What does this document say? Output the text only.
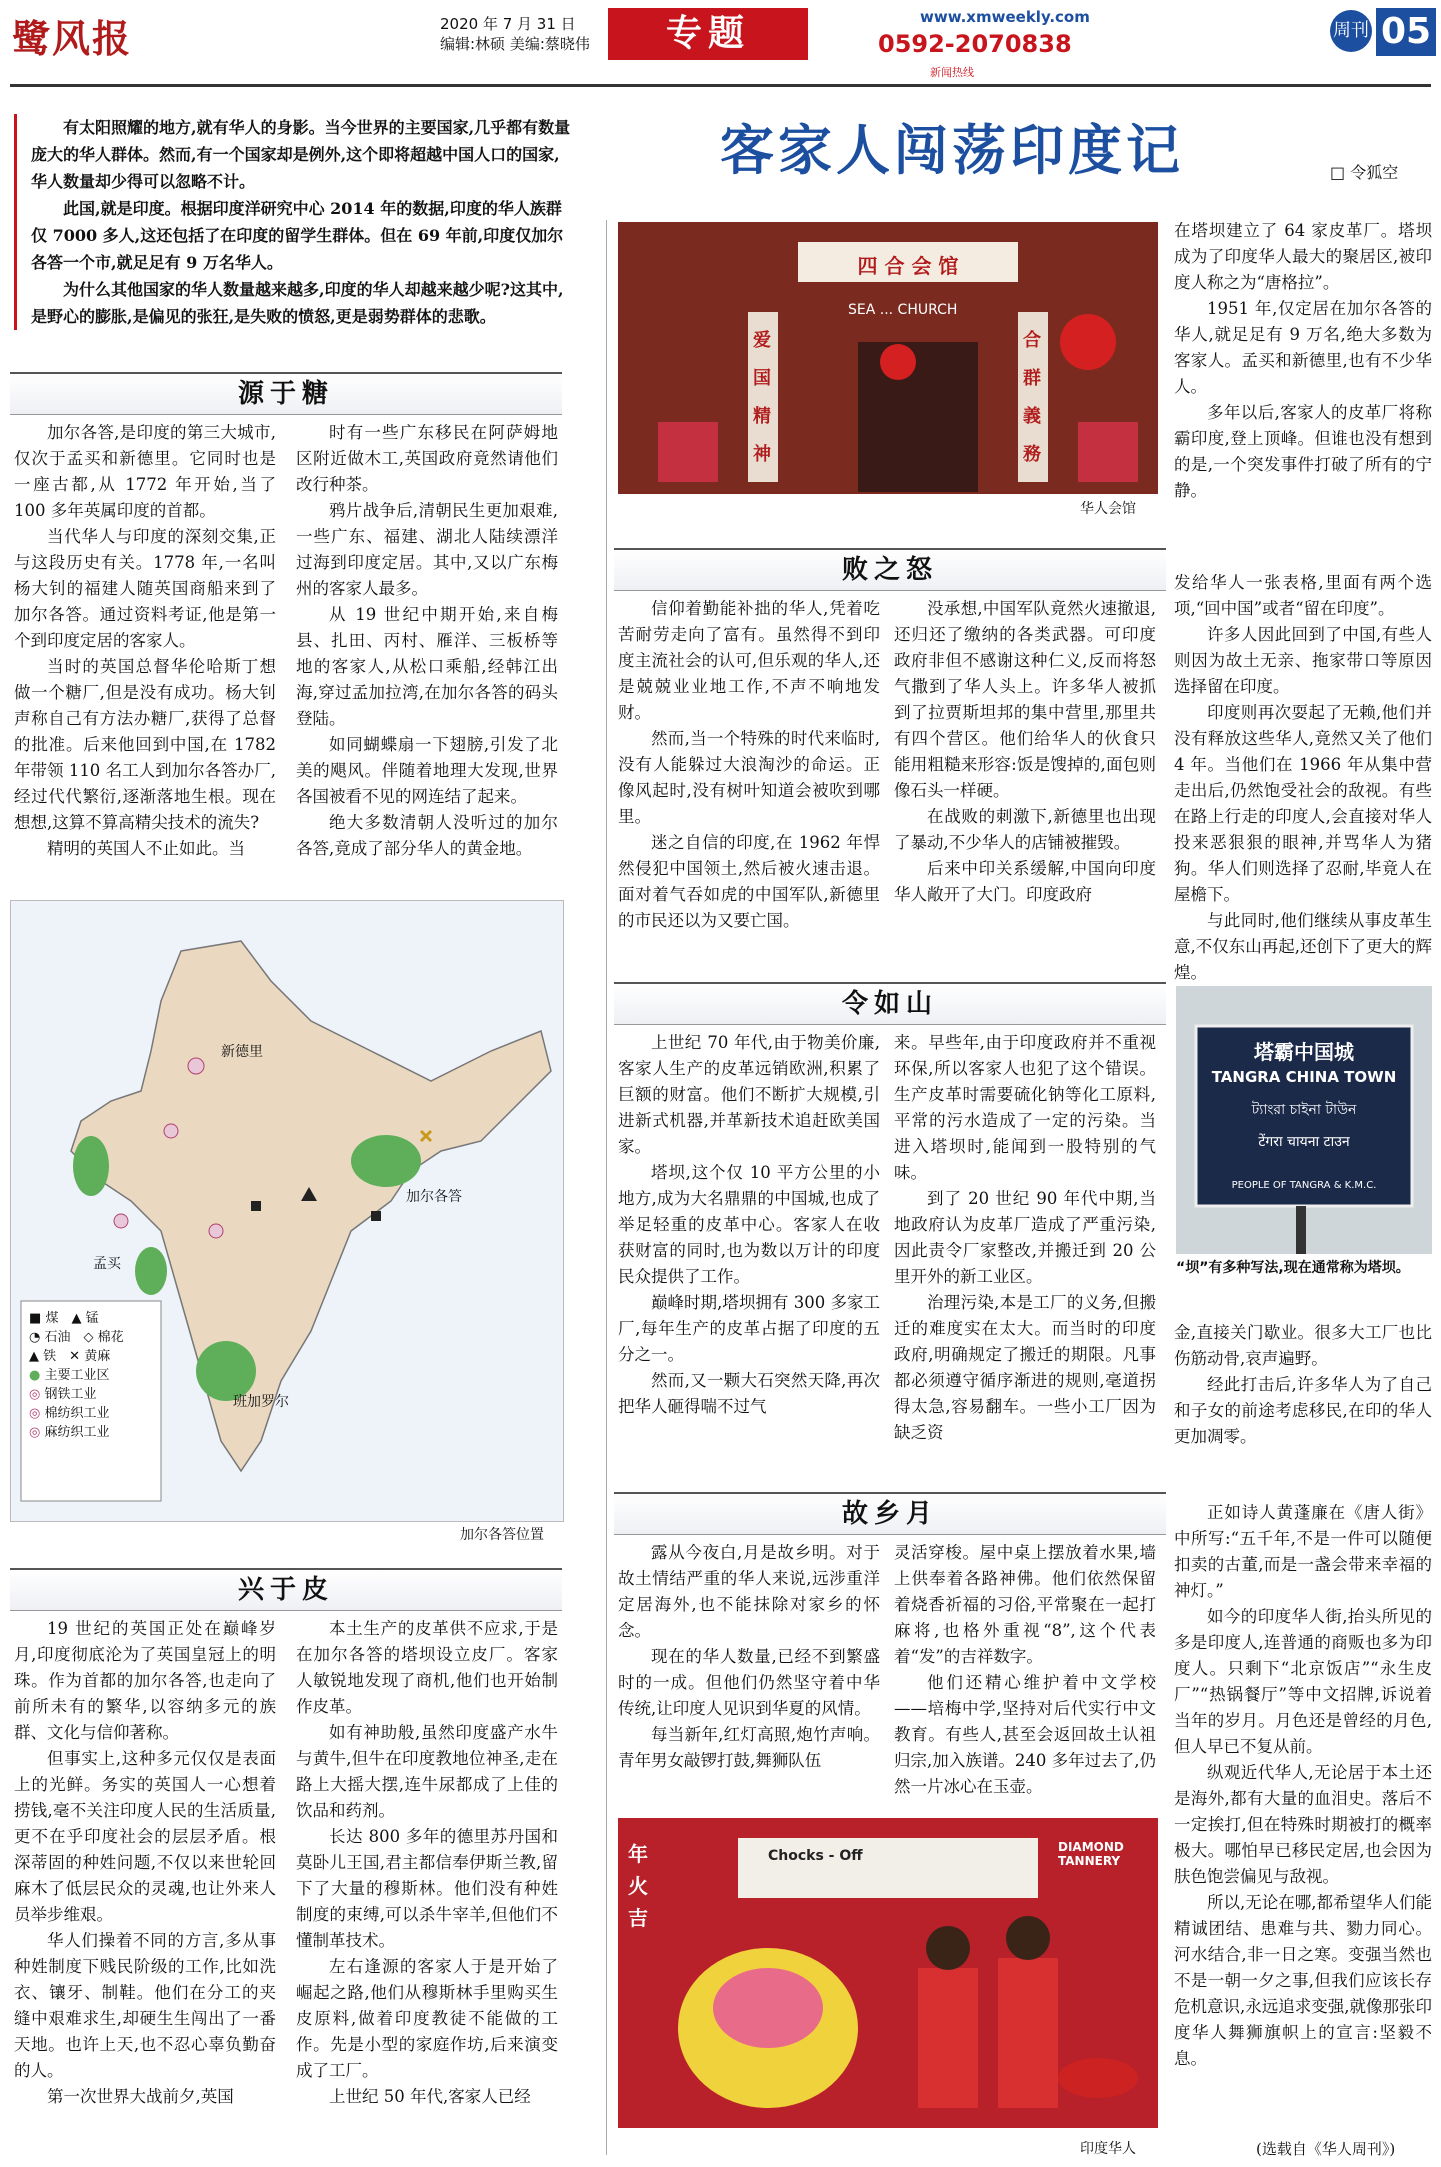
鹭风报	2020 年 7 月 31 日
编辑:林硕 美编:蔡晓伟	专题	www.xmweekly.com
0592-2070838
新闻热线
周刊 05

有太阳照耀的地方,就有华人的身影。当今世界的主要国家,几乎都有数量庞大的华人群体。然而,有一个国家却是例外,这个即将超越中国人口的国家,华人数量却少得可以忽略不计。

此国,就是印度。根据印度洋研究中心 2014 年的数据,印度的华人族群仅 7000 多人,这还包括了在印度的留学生群体。但在 69 年前,印度仅加尔各答一个市,就足足有 9 万名华人。

为什么其他国家的华人数量越来越多,印度的华人却越来越少呢?这其中,是野心的膨胀,是偏见的张狂,是失败的愤怒,更是弱势群体的悲歌。

客家人闯荡印度记	□ 令狐空
源于糖

加尔各答,是印度的第三大城市,仅次于孟买和新德里。它同时也是一座古都,从 1772 年开始,当了 100 多年英属印度的首都。

当代华人与印度的深刻交集,正与这段历史有关。1778 年,一名叫杨大钊的福建人随英国商船来到了加尔各答。通过资料考证,他是第一个到印度定居的客家人。

当时的英国总督华伦哈斯丁想做一个糖厂,但是没有成功。杨大钊声称自己有方法办糖厂,获得了总督的批准。后来他回到中国,在 1782 年带领 110 名工人到加尔各答办厂,经过代代繁衍,逐渐落地生根。现在想想,这算不算高精尖技术的流失?

精明的英国人不止如此。当

时有一些广东移民在阿萨姆地区附近做木工,英国政府竟然请他们改行种茶。

鸦片战争后,清朝民生更加艰难,一些广东、福建、湖北人陆续漂洋过海到印度定居。其中,又以广东梅州的客家人最多。

从 19 世纪中期开始,来自梅县、扎田、丙村、雁洋、三板桥等地的客家人,从松口乘船,经韩江出海,穿过孟加拉湾,在加尔各答的码头登陆。

如同蝴蝶扇一下翅膀,引发了北美的飓风。伴随着地理大发现,世界各国被看不见的网连结了起来。

绝大多数清朝人没听过的加尔各答,竟成了部分华人的黄金地。

新德里
加尔各答
孟买
班加罗尔
■ 煤　 ▲ 锰
◔ 石油　 ◇ 棉花
▲ 铁　 ✕ 黄麻
● 主要工业区
◎ 钢铁工业
◎ 棉纺织工业
◎ 麻纺织工业
加尔各答位置
兴于皮

19 世纪的英国正处在巅峰岁月,印度彻底沦为了英国皇冠上的明珠。作为首都的加尔各答,也走向了前所未有的繁华,以容纳多元的族群、文化与信仰著称。

但事实上,这种多元仅仅是表面上的光鲜。务实的英国人一心想着捞钱,毫不关注印度人民的生活质量,更不在乎印度社会的层层矛盾。根深蒂固的种姓问题,不仅以来世轮回麻木了低层民众的灵魂,也让外来人员举步维艰。

华人们操着不同的方言,多从事种姓制度下贱民阶级的工作,比如洗衣、镶牙、制鞋。他们在分工的夹缝中艰难求生,却硬生生闯出了一番天地。也许上天,也不忍心辜负勤奋的人。

第一次世界大战前夕,英国

本土生产的皮革供不应求,于是在加尔各答的塔坝设立皮厂。客家人敏锐地发现了商机,他们也开始制作皮革。

如有神助般,虽然印度盛产水牛与黄牛,但牛在印度教地位神圣,走在路上大摇大摆,连牛尿都成了上佳的饮品和药剂。

长达 800 多年的德里苏丹国和莫卧儿王国,君主都信奉伊斯兰教,留下了大量的穆斯林。他们没有种姓制度的束缚,可以杀牛宰羊,但他们不懂制革技术。

左右逢源的客家人于是开始了崛起之路,他们从穆斯林手里购买生皮原料,做着印度教徒不能做的工作。先是小型的家庭作坊,后来演变成了工厂。

上世纪 50 年代,客家人已经

四 合 会 馆
SEA ... CHURCH
爱 国 精 神
合 群 義 務
华人会馆

在塔坝建立了 64 家皮革厂。塔坝成为了印度华人最大的聚居区,被印度人称之为“唐格拉”。

1951 年,仅定居在加尔各答的华人,就足足有 9 万名,绝大多数为客家人。孟买和新德里,也有不少华人。

多年以后,客家人的皮革厂将称霸印度,登上顶峰。但谁也没有想到的是,一个突发事件打破了所有的宁静。

败之怒

信仰着勤能补拙的华人,凭着吃苦耐劳走向了富有。虽然得不到印度主流社会的认可,但乐观的华人,还是兢兢业业地工作,不声不响地发财。

然而,当一个特殊的时代来临时,没有人能躲过大浪淘沙的命运。正像风起时,没有树叶知道会被吹到哪里。

迷之自信的印度,在 1962 年悍然侵犯中国领土,然后被火速击退。面对着气吞如虎的中国军队,新德里的市民还以为又要亡国。

没承想,中国军队竟然火速撤退,还归还了缴纳的各类武器。可印度政府非但不感谢这种仁义,反而将怒气撒到了华人头上。许多华人被抓到了拉贾斯坦邦的集中营里,那里共有四个营区。他们给华人的伙食只能用粗糙来形容:饭是馊掉的,面包则像石头一样硬。

在战败的刺激下,新德里也出现了暴动,不少华人的店铺被摧毁。

后来中印关系缓解,中国向印度华人敞开了大门。印度政府

发给华人一张表格,里面有两个选项,“回中国”或者“留在印度”。

许多人因此回到了中国,有些人则因为故土无亲、拖家带口等原因选择留在印度。

印度则再次耍起了无赖,他们并没有释放这些华人,竟然又关了他们 4 年。当他们在 1966 年从集中营走出后,仍然饱受社会的敌视。有些在路上行走的印度人,会直接对华人投来恶狠狠的眼神,并骂华人为猪狗。华人们则选择了忍耐,毕竟人在屋檐下。

与此同时,他们继续从事皮革生意,不仅东山再起,还创下了更大的辉煌。

令如山

上世纪 70 年代,由于物美价廉,客家人生产的皮革远销欧洲,积累了巨额的财富。他们不断扩大规模,引进新式机器,并革新技术追赶欧美国家。

塔坝,这个仅 10 平方公里的小地方,成为大名鼎鼎的中国城,也成了举足轻重的皮革中心。客家人在收获财富的同时,也为数以万计的印度民众提供了工作。

巅峰时期,塔坝拥有 300 多家工厂,每年生产的皮革占据了印度的五分之一。

然而,又一颗大石突然天降,再次把华人砸得喘不过气

来。早些年,由于印度政府并不重视环保,所以客家人也犯了这个错误。生产皮革时需要硫化钠等化工原料,平常的污水造成了一定的污染。当进入塔坝时,能闻到一股特别的气味。

到了 20 世纪 90 年代中期,当地政府认为皮革厂造成了严重污染,因此责令厂家整改,并搬迁到 20 公里开外的新工业区。

治理污染,本是工厂的义务,但搬迁的难度实在太大。而当时的印度政府,明确规定了搬迁的期限。凡事都必须遵守循序渐进的规则,毫道拐得太急,容易翻车。一些小工厂因为缺乏资

塔霸中国城
TANGRA CHINA TOWN
ট্যাংরা চাইনা টাউন
टेंगरा चायना टाउन
PEOPLE OF TANGRA & K.M.C.
“坝”有多种写法,现在通常称为塔坝。

金,直接关门歇业。很多大工厂也比伤筋动骨,哀声遍野。

经此打击后,许多华人为了自己和子女的前途考虑移民,在印的华人更加凋零。

故乡月

露从今夜白,月是故乡明。对于故土情结严重的华人来说,远涉重洋定居海外,也不能抹除对家乡的怀念。

现在的华人数量,已经不到繁盛时的一成。但他们仍然坚守着中华传统,让印度人见识到华夏的风情。

每当新年,红灯高照,炮竹声响。青年男女敲锣打鼓,舞狮队伍

灵活穿梭。屋中桌上摆放着水果,墙上供奉着各路神佛。他们依然保留着烧香祈福的习俗,平常聚在一起打麻将,也格外重视“8”,这个代表着“发”的吉祥数字。

他们还精心维护着中文学校——培梅中学,坚持对后代实行中文教育。有些人,甚至会返回故土认祖归宗,加入族谱。240 多年过去了,仍然一片冰心在玉壶。

年 火 吉
Chocks - Off
DIAMOND TANNERY
印度华人

正如诗人黄蓬廉在《唐人街》中所写:“五千年,不是一件可以随便扣卖的古董,而是一盏会带来幸福的神灯。”

如今的印度华人街,抬头所见的多是印度人,连普通的商贩也多为印度人。只剩下“北京饭店”“永生皮厂”“热锅餐厅”等中文招牌,诉说着当年的岁月。月色还是曾经的月色,但人早已不复从前。

纵观近代华人,无论居于本土还是海外,都有大量的血泪史。落后不一定挨打,但在特殊时期被打的概率极大。哪怕早已移民定居,也会因为肤色饱尝偏见与敌视。

所以,无论在哪,都希望华人们能精诚团结、患难与共、勠力同心。河水结合,非一日之寒。变强当然也不是一朝一夕之事,但我们应该长存危机意识,永远追求变强,就像那张印度华人舞狮旗帜上的宣言:坚毅不息。

(选载自《华人周刊》)
